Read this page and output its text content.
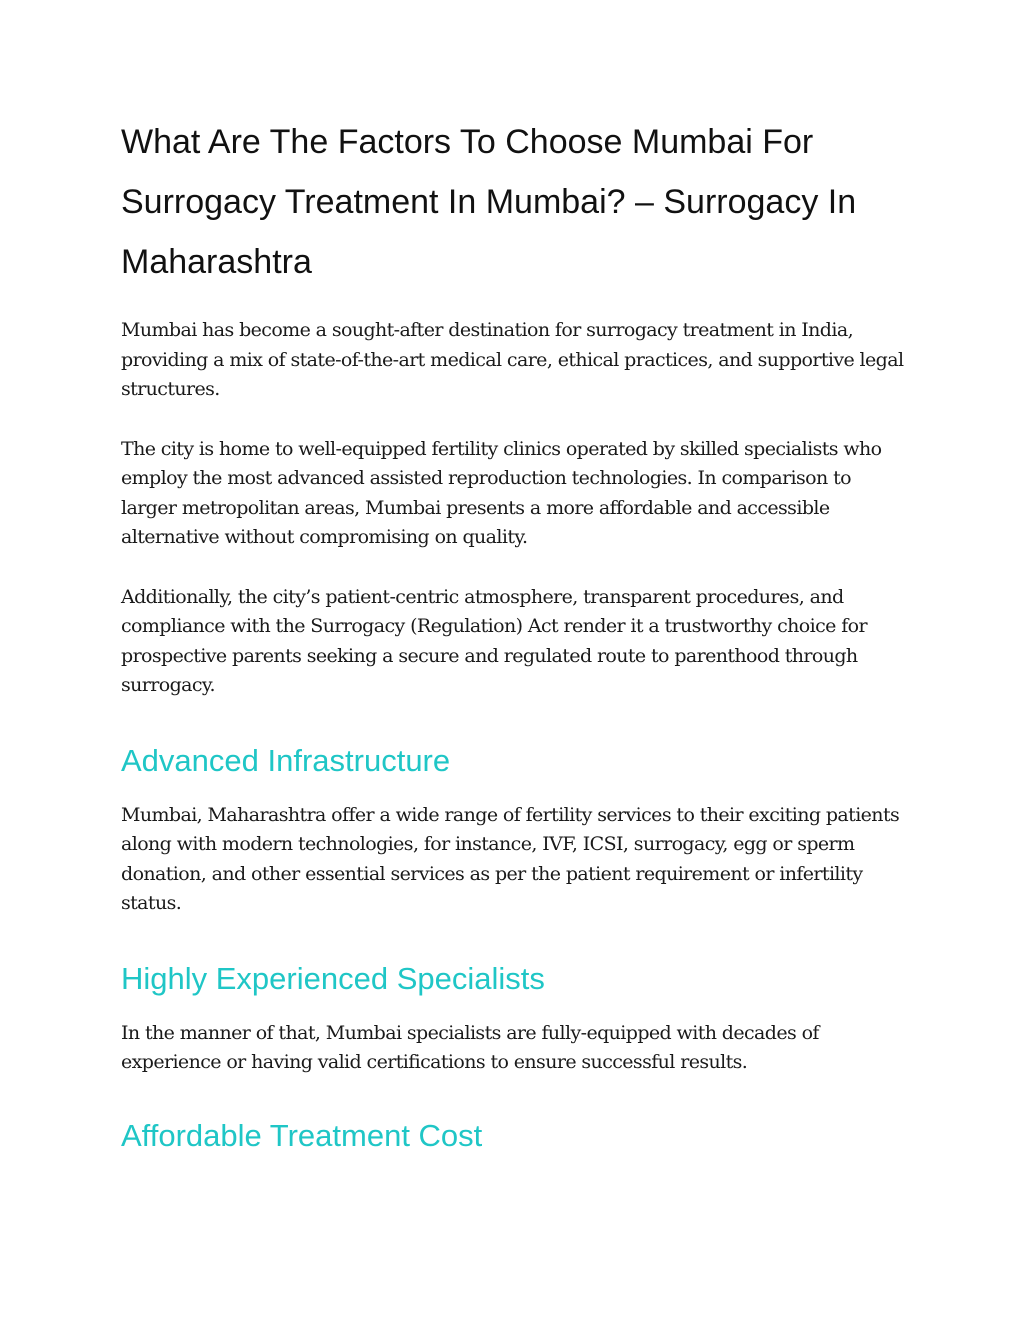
What Are The Factors To Choose Mumbai For Surrogacy Treatment In Mumbai? – Surrogacy In Maharashtra

Mumbai has become a sought-after destination for surrogacy treatment in India, providing a mix of state-of-the-art medical care, ethical practices, and supportive legal structures.

The city is home to well-equipped fertility clinics operated by skilled specialists who employ the most advanced assisted reproduction technologies. In comparison to larger metropolitan areas, Mumbai presents a more affordable and accessible alternative without compromising on quality.

Additionally, the city’s patient-centric atmosphere, transparent procedures, and compliance with the Surrogacy (Regulation) Act render it a trustworthy choice for prospective parents seeking a secure and regulated route to parenthood through surrogacy.

Advanced Infrastructure

Mumbai, Maharashtra offer a wide range of fertility services to their exciting patients along with modern technologies, for instance, IVF, ICSI, surrogacy, egg or sperm donation, and other essential services as per the patient requirement or infertility status.

Highly Experienced Specialists

In the manner of that, Mumbai specialists are fully-equipped with decades of experience or having valid certifications to ensure successful results.

Affordable Treatment Cost
